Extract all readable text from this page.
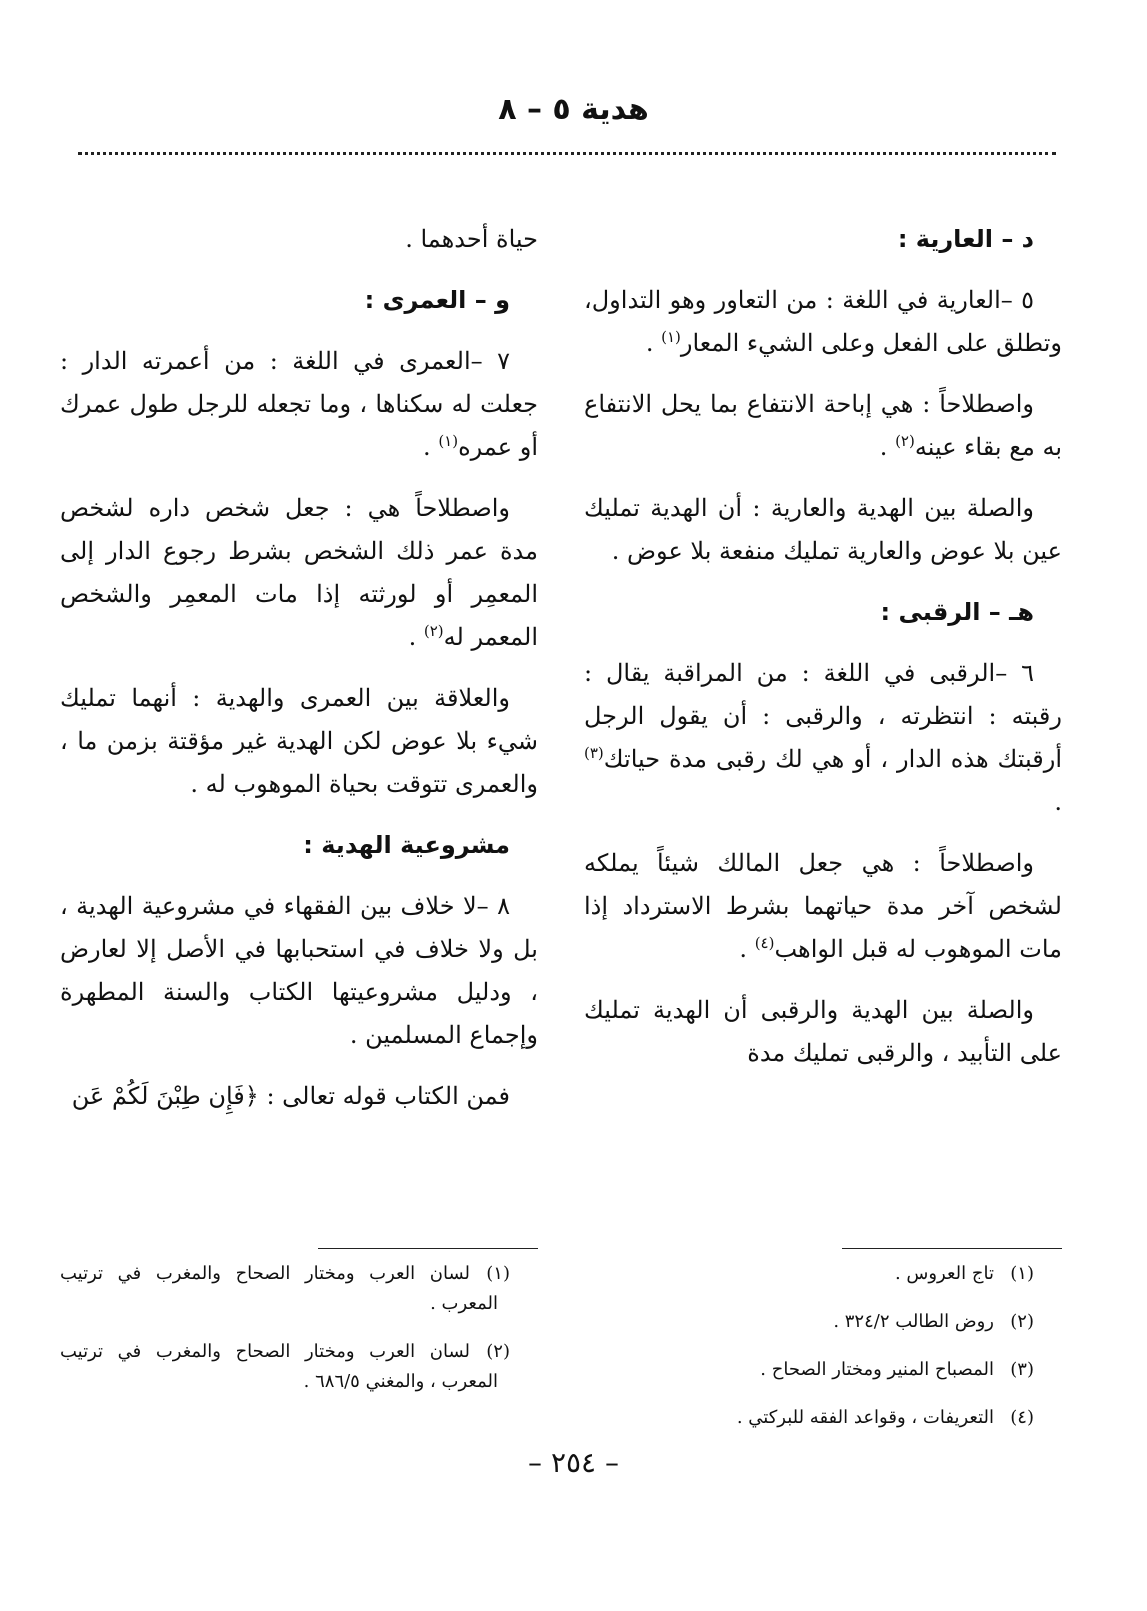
هدية ٥ – ٨
د – العارية :

٥ –العارية في اللغة : من التعاور وهو التداول، وتطلق على الفعل وعلى الشيء المعار$^{(١)}$ .

واصطلاحاً : هي إباحة الانتفاع بما يحل الانتفاع به مع بقاء عينه$^{(٢)}$ .

والصلة بين الهدية والعارية : أن الهدية تمليك عين بلا عوض والعارية تمليك منفعة بلا عوض .

هـ – الرقبى :

٦ –الرقبى في اللغة : من المراقبة يقال : رقبته : انتظرته ، والرقبى : أن يقول الرجل أرقبتك هذه الدار ، أو هي لك رقبى مدة حياتك$^{(٣)}$ .

واصطلاحاً : هي جعل المالك شيئاً يملكه لشخص آخر مدة حياتهما بشرط الاسترداد إذا مات الموهوب له قبل الواهب$^{(٤)}$ .

والصلة بين الهدية والرقبى أن الهدية تمليك على التأبيد ، والرقبى تمليك مدة

(١)
تاج العروس .

(٢)
روض الطالب ٣٢٤/٢ .

(٣)
المصباح المنير ومختار الصحاح .

(٤)
التعريفات ، وقواعد الفقه للبركتي .

حياة أحدهما .

و – العمرى :

٧ –العمرى في اللغة : من أعمرته الدار : جعلت له سكناها ، وما تجعله للرجل طول عمرك أو عمره$^{(١)}$ .

واصطلاحاً هي : جعل شخص داره لشخص مدة عمر ذلك الشخص بشرط رجوع الدار إلى المعمِر أو لورثته إذا مات المعمِر والشخص المعمر له$^{(٢)}$ .

والعلاقة بين العمرى والهدية : أنهما تمليك شيء بلا عوض لكن الهدية غير مؤقتة بزمن ما ، والعمرى تتوقت بحياة الموهوب له .

مشروعية الهدية :

٨ –لا خلاف بين الفقهاء في مشروعية الهدية ، بل ولا خلاف في استحبابها في الأصل إلا لعارض ، ودليل مشروعيتها الكتاب والسنة المطهرة وإجماع المسلمين .

فمن الكتاب قوله تعالى : ﴿فَإِن طِبْنَ لَكُمْ عَن

(١)
لسان العرب ومختار الصحاح والمغرب في ترتيب المعرب .

(٢)
لسان العرب ومختار الصحاح والمغرب في ترتيب المعرب ، والمغني ٦٨٦/٥ .

– ٢٥٤ –
